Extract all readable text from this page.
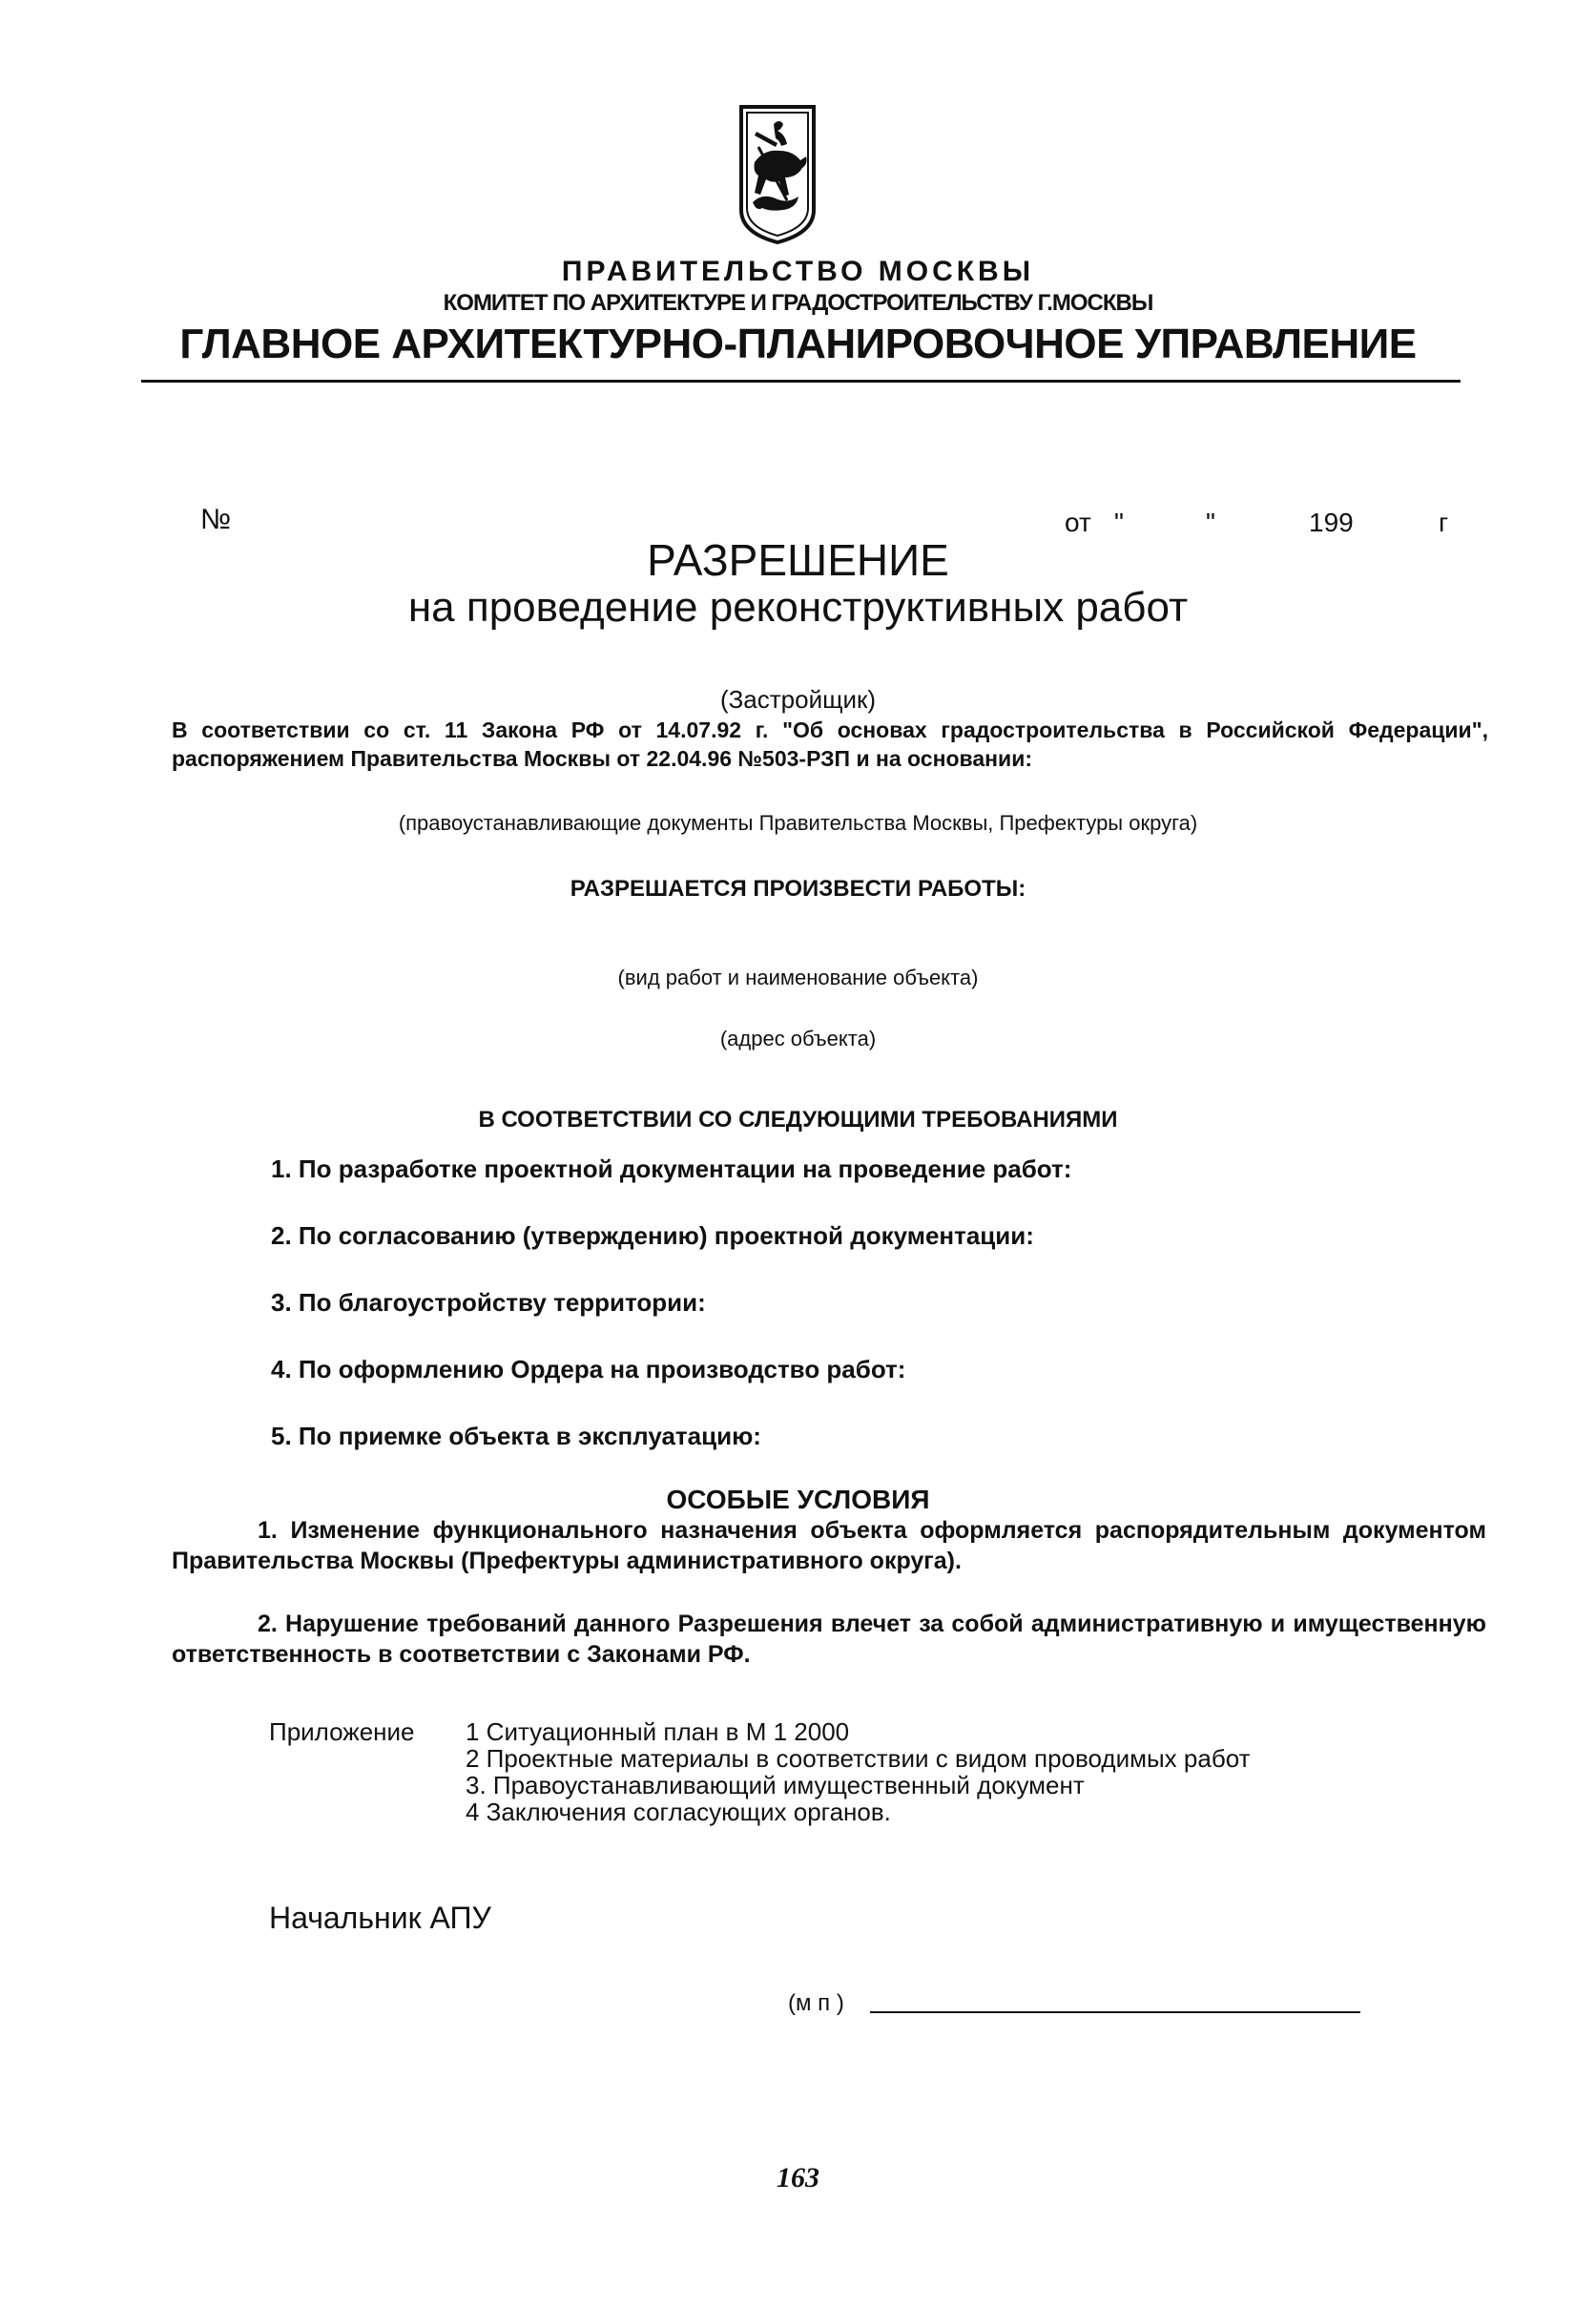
ПРАВИТЕЛЬСТВО МОСКВЫ
КОМИТЕТ ПО АРХИТЕКТУРЕ И ГРАДОСТРОИТЕЛЬСТВУ Г.МОСКВЫ
ГЛАВНОЕ АРХИТЕКТУРНО-ПЛАНИРОВОЧНОЕ УПРАВЛЕНИЕ
№	от "	"	199	г
РАЗРЕШЕНИЕ
на проведение реконструктивных работ
(Застройщик)
В соответствии со ст. 11 Закона РФ от 14.07.92 г. "Об основах градостроительства в Российской Федерации", распоряжением Правительства Москвы от 22.04.96 №503-РЗП и на основании:
(правоустанавливающие документы Правительства Москвы, Префектуры округа)
РАЗРЕШАЕТСЯ ПРОИЗВЕСТИ РАБОТЫ:
(вид работ и наименование объекта)
(адрес объекта)
В СООТВЕТСТВИИ СО СЛЕДУЮЩИМИ ТРЕБОВАНИЯМИ
1. По разработке проектной документации на проведение работ:
2. По согласованию (утверждению) проектной документации:
3. По благоустройству территории:
4. По оформлению Ордера на производство работ:
5. По приемке объекта в эксплуатацию:
ОСОБЫЕ УСЛОВИЯ
1. Изменение функционального назначения объекта оформляется распорядительным документом Правительства Москвы (Префектуры административного округа).
2. Нарушение требований данного Разрешения влечет за собой административную и имущественную ответственность в соответствии с Законами РФ.
Приложение 1 Ситуационный план в М 1 2000
2 Проектные материалы в соответствии с видом проводимых работ
3. Правоустанавливающий имущественный документ
4 Заключения согласующих органов.
Начальник АПУ
(м п )
163
